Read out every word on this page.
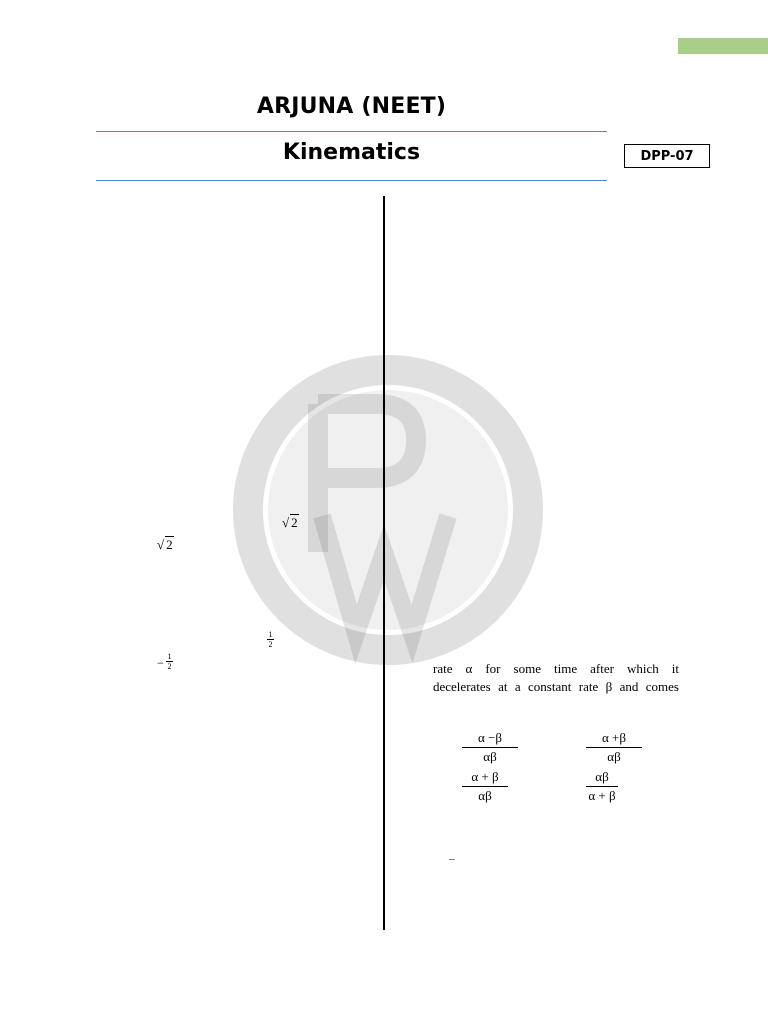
ARJUNA (NEET)
Kinematics	DPP-07
√ 2
√ 2
1
2
− 1
2	rate α for some time after which it
decelerates at a constant rate β and comes
α −β
αβ
α +β
αβ
α + β
αβ
αβ
α + β
–
